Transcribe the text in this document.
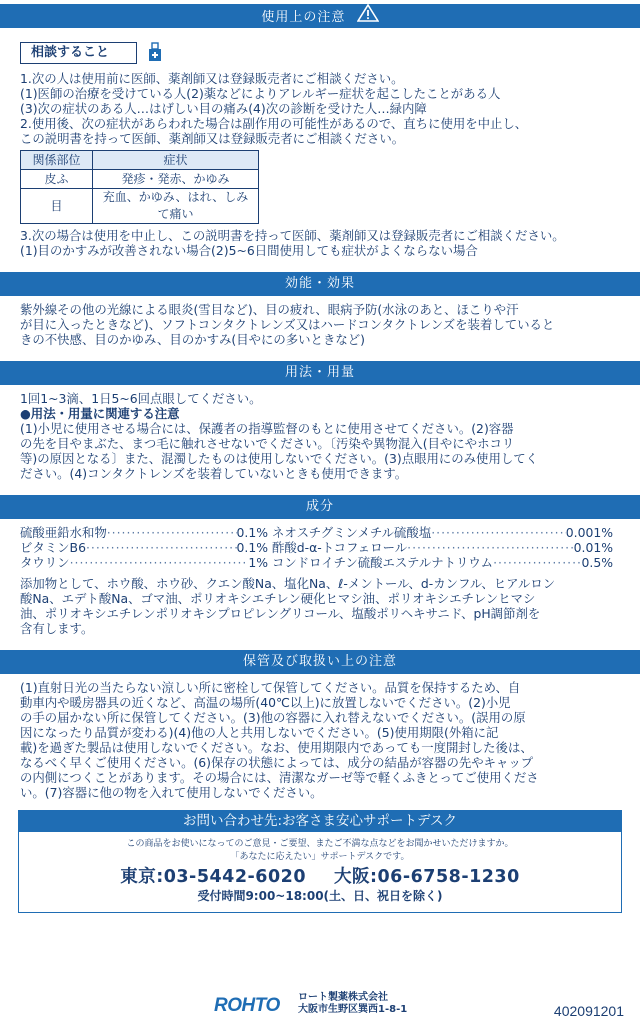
使用上の注意
相談すること
1.次の人は使用前に医師、薬剤師又は登録販売者にご相談ください。
(1)医師の治療を受けている人(2)薬などによりアレルギー症状を起こしたことがある人
(3)次の症状のある人…はげしい目の痛み(4)次の診断を受けた人…緑内障
2.使用後、次の症状があらわれた場合は副作用の可能性があるので、直ちに使用を中止し、
この説明書を持って医師、薬剤師又は登録販売者にご相談ください。
関係部位	症状
皮ふ	発疹・発赤、かゆみ
目	充血、かゆみ、はれ、しみて痛い
3.次の場合は使用を中止し、この説明書を持って医師、薬剤師又は登録販売者にご相談ください。
(1)目のかすみが改善されない場合(2)5~6日間使用しても症状がよくならない場合
効能・効果
紫外線その他の光線による眼炎(雪目など)、目の疲れ、眼病予防(水泳のあと、ほこりや汗
が目に入ったときなど)、ソフトコンタクトレンズ又はハードコンタクトレンズを装着していると
きの不快感、目のかゆみ、目のかすみ(目やにの多いときなど)
用法・用量
1回1~3滴、1日5~6回点眼してください。
●用法・用量に関連する注意
(1)小児に使用させる場合には、保護者の指導監督のもとに使用させてください。(2)容器
の先を目やまぶた、まつ毛に触れさせないでください。〔汚染や異物混入(目やにやホコリ
等)の原因となる〕また、混濁したものは使用しないでください。(3)点眼用にのみ使用してく
ださい。(4)コンタクトレンズを装着していないときも使用できます。
成分
硫酸亜鉛水和物 ·····	0.1% ネオスチグミンメチル硫酸塩 ·····	0.001%
ビタミンB6 ·····	0.1% 酢酸d-α-トコフェロール ·····	0.01%
タウリン ·····	1% コンドロイチン硫酸エステルナトリウム ·····	0.5%
添加物として、ホウ酸、ホウ砂、クエン酸Na、塩化Na、ℓ-メントール、d-カンフル、ヒアルロン
酸Na、エデト酸Na、ゴマ油、ポリオキシエチレン硬化ヒマシ油、ポリオキシエチレンヒマシ
油、ポリオキシエチレンポリオキシプロピレングリコール、塩酸ポリヘキサニド、pH調節剤を
含有します。
保管及び取扱い上の注意
(1)直射日光の当たらない涼しい所に密栓して保管してください。品質を保持するため、自
動車内や暖房器具の近くなど、高温の場所(40℃以上)に放置しないでください。(2)小児
の手の届かない所に保管してください。(3)他の容器に入れ替えないでください。(誤用の原
因になったり品質が変わる)(4)他の人と共用しないでください。(5)使用期限(外箱に記
載)を過ぎた製品は使用しないでください。なお、使用期限内であっても一度開封した後は、
なるべく早くご使用ください。(6)保存の状態によっては、成分の結晶が容器の先やキャップ
の内側につくことがあります。その場合には、清潔なガーゼ等で軽くふきとってご使用くださ
い。(7)容器に他の物を入れて使用しないでください。
お問い合わせ先:お客さま安心サポートデスク
この商品をお使いになってのご意見・ご要望、またご不満な点などをお聞かせいただけますか。
「あなたに応えたい」サポートデスクです。
東京:03-5442-6020 大阪:06-6758-1230
受付時間9:00~18:00(土、日、祝日を除く)
ROHTO ロート製薬株式会社
大阪市生野区巽西1-8-1	402091201
